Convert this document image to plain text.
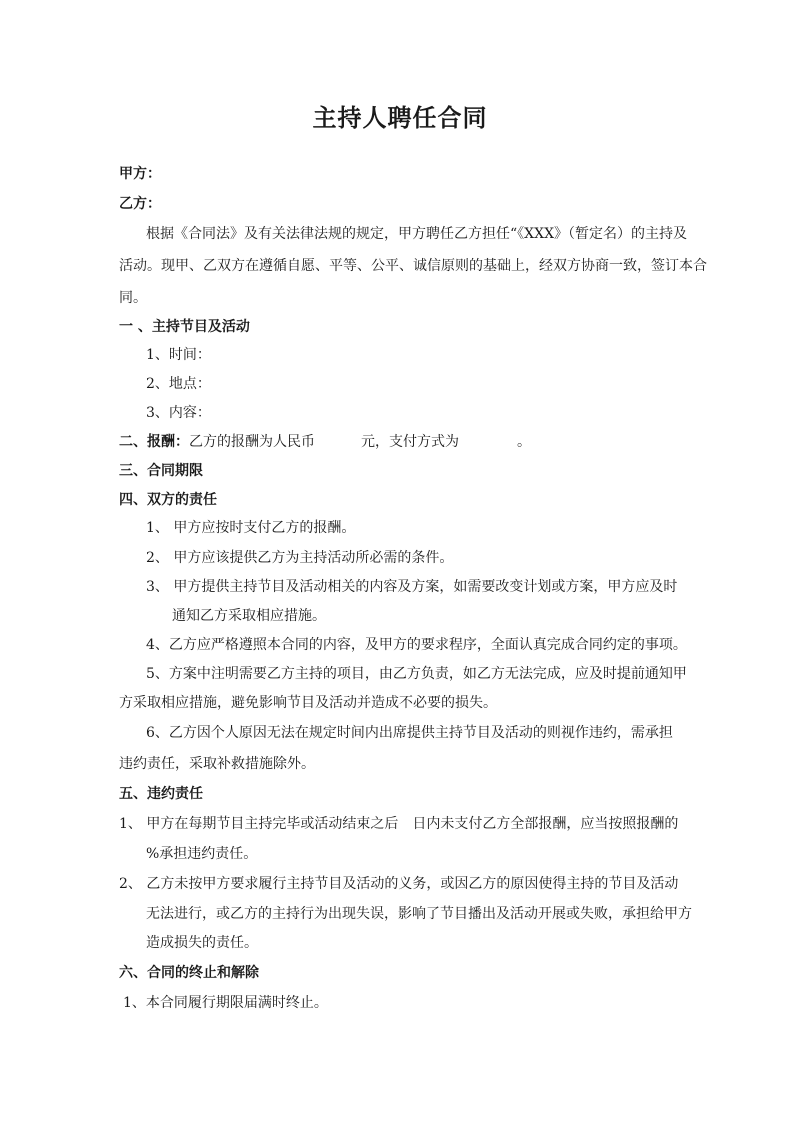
主持人聘任合同
甲方：
乙方：
根据《合同法》及有关法律法规的规定，甲方聘任乙方担任“《XXX》（暂定名）的主持及
活动。现甲、乙双方在遵循自愿、平等、公平、诚信原则的基础上，经双方协商一致，签订本合
同。
一 、主持节目及活动
1、时间：
2、地点：
3、内容：
二、报酬：乙方的报酬为人民币	元，支付方式为	。
三、合同期限
四、双方的责任
1、 甲方应按时支付乙方的报酬。
2、 甲方应该提供乙方为主持活动所必需的条件。
3、 甲方提供主持节目及活动相关的内容及方案，如需要改变计划或方案，甲方应及时
通知乙方采取相应措施。
4、乙方应严格遵照本合同的内容，及甲方的要求程序，全面认真完成合同约定的事项。
5、方案中注明需要乙方主持的项目，由乙方负责，如乙方无法完成，应及时提前通知甲
方采取相应措施，避免影响节目及活动并造成不必要的损失。
6、乙方因个人原因无法在规定时间内出席提供主持节目及活动的则视作违约，需承担
违约责任，采取补救措施除外。
五、违约责任
1、 甲方在每期节目主持完毕或活动结束之后 日内未支付乙方全部报酬，应当按照报酬的
%承担违约责任。
2、 乙方未按甲方要求履行主持节目及活动的义务，或因乙方的原因使得主持的节目及活动
无法进行，或乙方的主持行为出现失误，影响了节目播出及活动开展或失败，承担给甲方
造成损失的责任。
六、合同的终止和解除
1、本合同履行期限届满时终止。
